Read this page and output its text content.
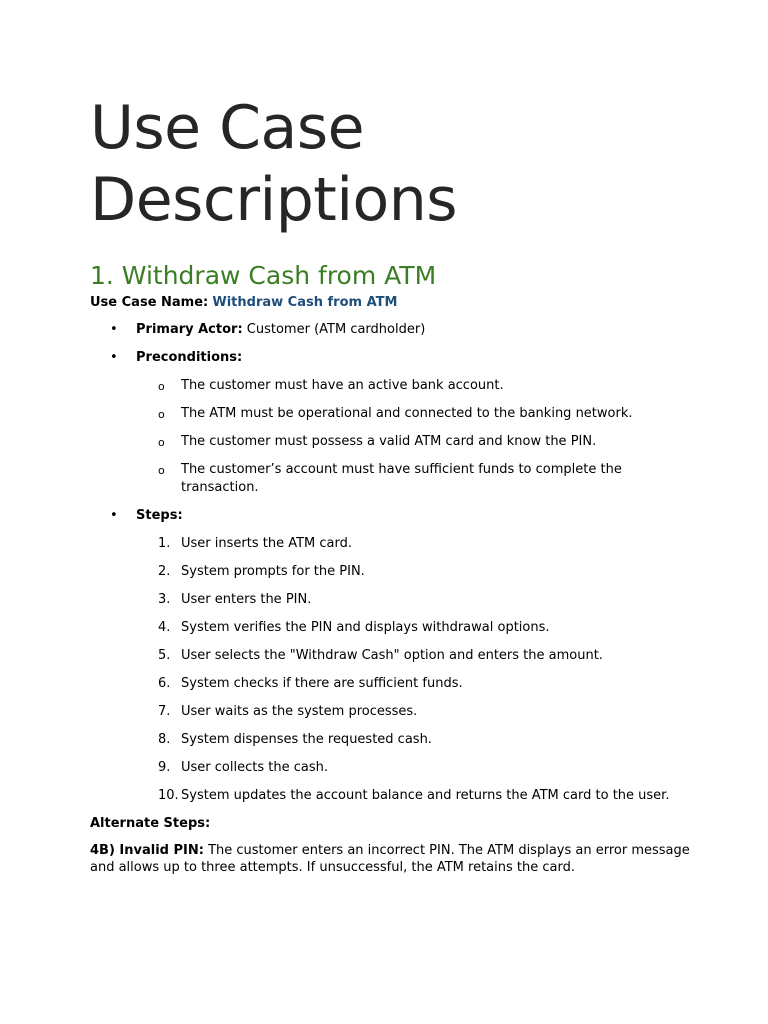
Use Case
Descriptions
1. Withdraw Cash from ATM

Use Case Name: Withdraw Cash from ATM

• Primary Actor: Customer (ATM cardholder)
• Preconditions:
o The customer must have an active bank account.
o The ATM must be operational and connected to the banking network.
o The customer must possess a valid ATM card and know the PIN.
o The customer’s account must have sufficient funds to complete the transaction.
• Steps:
1. User inserts the ATM card.
2. System prompts for the PIN.
3. User enters the PIN.
4. System verifies the PIN and displays withdrawal options.
5. User selects the "Withdraw Cash" option and enters the amount.
6. System checks if there are sufficient funds.
7. User waits as the system processes.
8. System dispenses the requested cash.
9. User collects the cash.
10. System updates the account balance and returns the ATM card to the user.

Alternate Steps:

4B) Invalid PIN: The customer enters an incorrect PIN. The ATM displays an error message and allows up to three attempts. If unsuccessful, the ATM retains the card.
